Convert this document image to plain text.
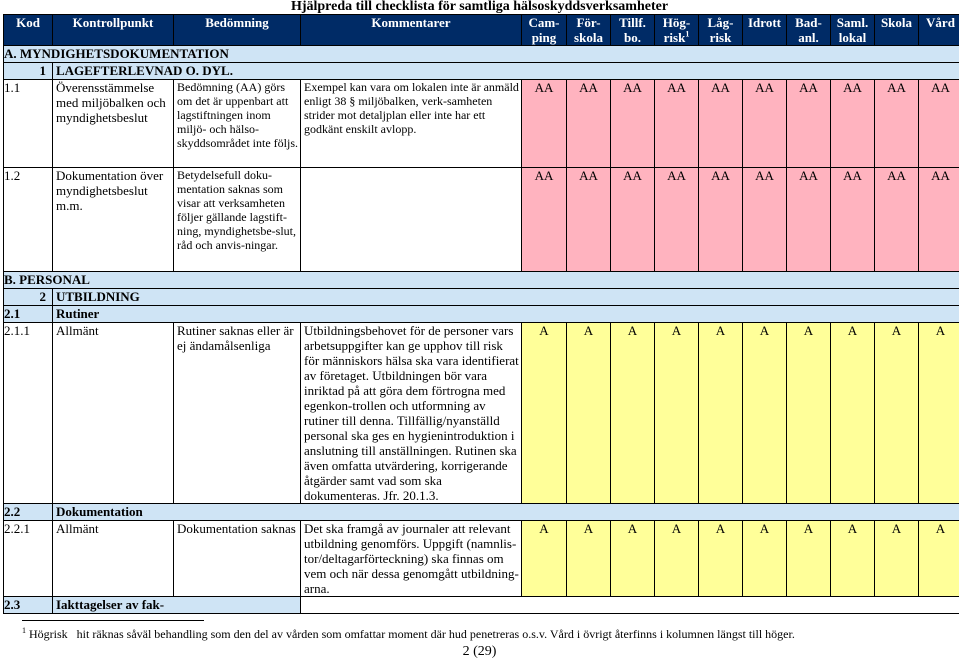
Hjälpreda till checklista för samtliga hälsoskyddsverksamheter
Kod	Kontrollpunkt	Bedömning	Kommentarer	Cam-ping	För-skola	Tillf. bo.	Hög-risk$^1$	Låg-risk	Idrott	Bad-anl.	Saml. lokal	Skola	Vård
A. MYNDIGHETSDOKUMENTATION													
1	LAGEFTERLEVNAD O. DYL.												
1.1	Överensstämmelse med miljöbalken och myndighetsbeslut	Bedömning (AA) görs om det är uppenbart att lagstiftningen inom miljö- och hälso-skyddsområdet inte följs.	Exempel kan vara om lokalen inte är anmäld enligt 38 § miljöbalken, verk-samheten strider mot detaljplan eller inte har ett godkänt enskilt avlopp.	AA	AA	AA	AA	AA	AA	AA	AA	AA	AA
1.2	Dokumentation över myndighetsbeslut m.m.	Betydelsefull doku-mentation saknas som visar att verksamheten följer gällande lagstift-ning, myndighetsbe-slut, råd och anvis-ningar.		AA	AA	AA	AA	AA	AA	AA	AA	AA	AA
B. PERSONAL													
2	UTBILDNING												
2.1	Rutiner												
2.1.1	Allmänt	Rutiner saknas eller är ej ändamålsenliga	Utbildningsbehovet för de personer vars arbetsuppgifter kan ge upphov till risk för människors hälsa ska vara identifierat av företaget. Utbildningen bör vara inriktad på att göra dem förtrogna med egenkon-trollen och utformning av rutiner till denna. Tillfällig/nyanställd personal ska ges en hygienintroduktion i anslutning till anställningen. Rutinen ska även omfatta utvärdering, korrigerande åtgärder samt vad som ska dokumenteras. Jfr. 20.1.3.	A	A	A	A	A	A	A	A	A	A
2.2	Dokumentation												
2.2.1	Allmänt	Dokumentation saknas	Det ska framgå av journaler att relevant utbildning genomförs. Uppgift (namnlis-tor/deltagarförteckning) ska finnas om vem och när dessa genomgått utbildning-arna.	A	A	A	A	A	A	A	A	A	A
2.3	Iakttagelser av fak-												
$^1$ Högrisk   hit räknas såväl behandling som den del av vården som omfattar moment där hud penetreras o.s.v. Vård i övrigt återfinns i kolumnen längst till höger.
2 (29)
